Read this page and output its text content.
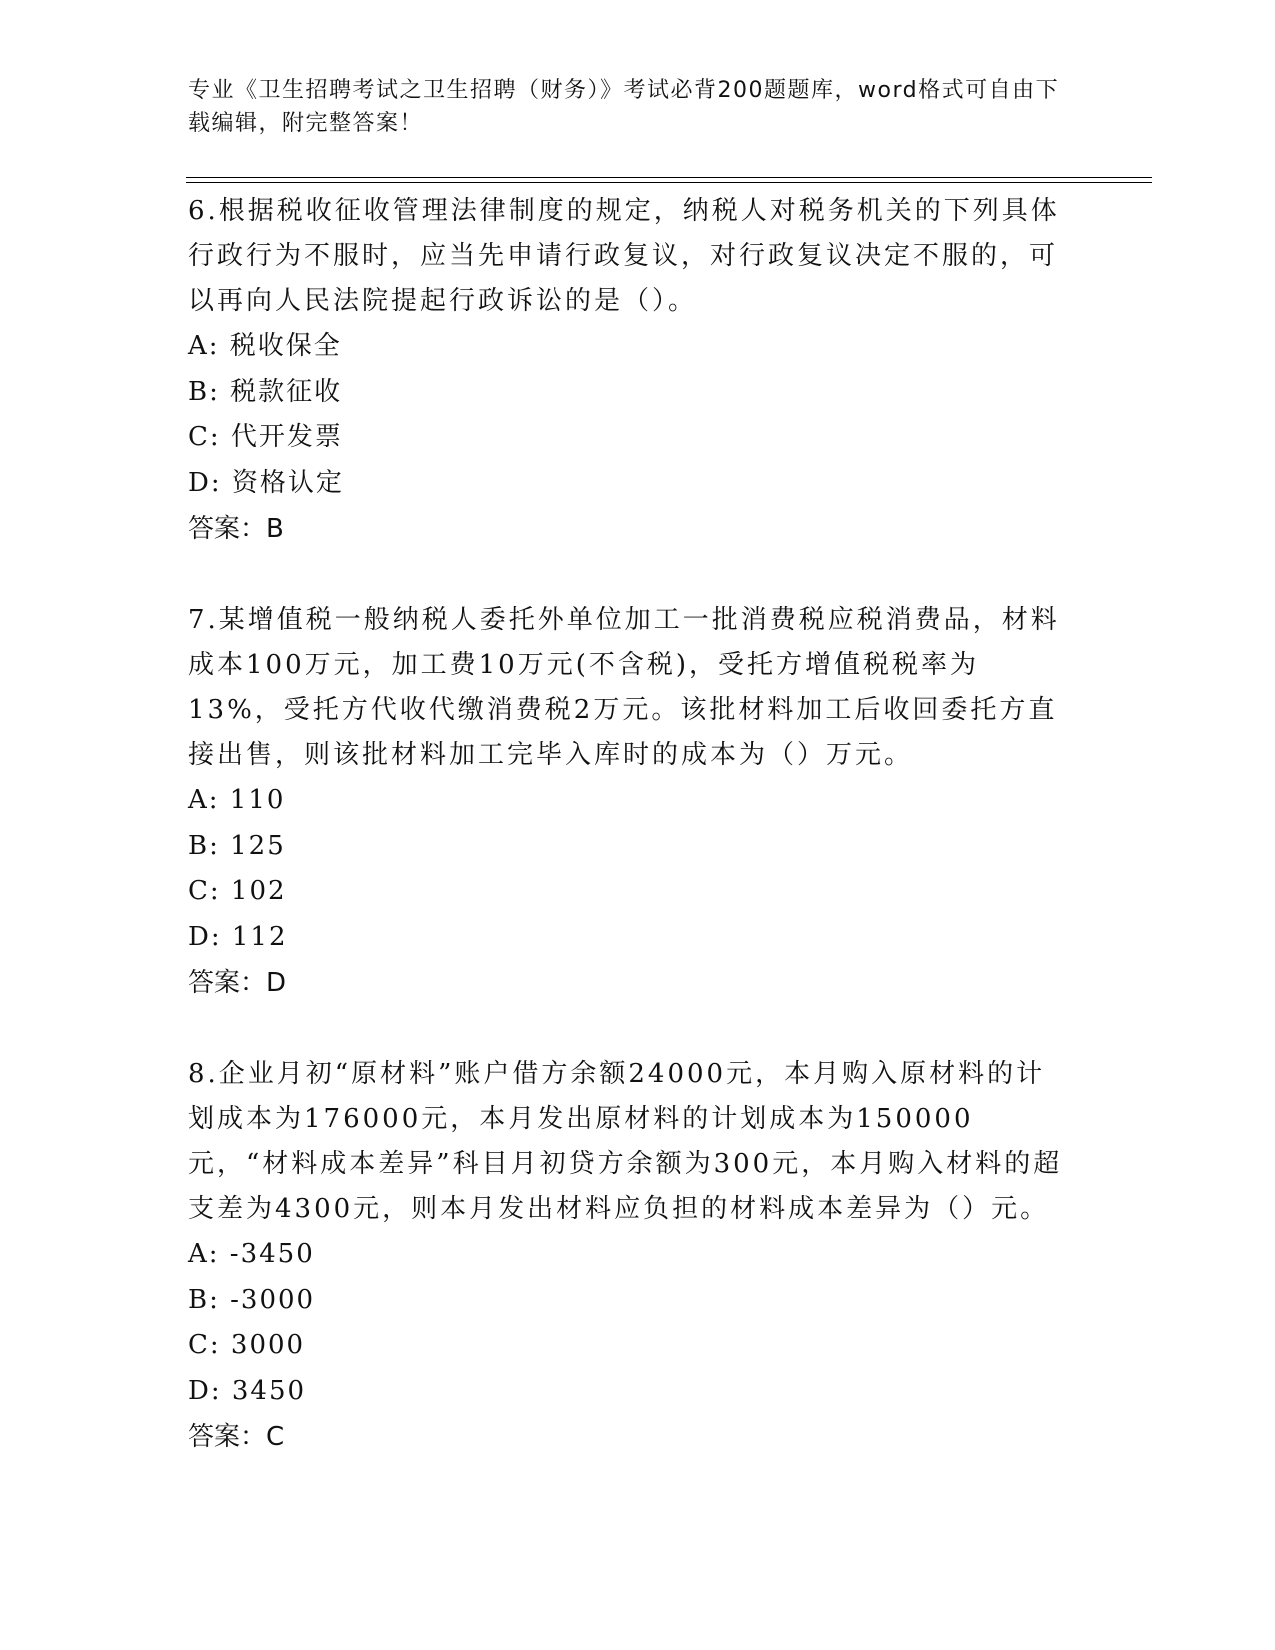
专业《卫生招聘考试之卫生招聘（财务）》考试必背200题题库，word格式可自由下载编辑，附完整答案！

6.根据税收征收管理法律制度的规定，纳税人对税务机关的下列具体行政行为不服时，应当先申请行政复议，对行政复议决定不服的，可以再向人民法院提起行政诉讼的是（）。

A: 税收保全

B: 税款征收

C: 代开发票

D: 资格认定

答案：B

7.某增值税一般纳税人委托外单位加工一批消费税应税消费品，材料成本100万元，加工费10万元(不含税)，受托方增值税税率为13%，受托方代收代缴消费税2万元。该批材料加工后收回委托方直接出售，则该批材料加工完毕入库时的成本为（）万元。

A: 110

B: 125

C: 102

D: 112

答案：D

8.企业月初“原材料”账户借方余额24000元，本月购入原材料的计划成本为176000元，本月发出原材料的计划成本为150000元，“材料成本差异”科目月初贷方余额为300元，本月购入材料的超支差为4300元，则本月发出材料应负担的材料成本差异为（）元。

A: -3450

B: -3000

C: 3000

D: 3450

答案：C
